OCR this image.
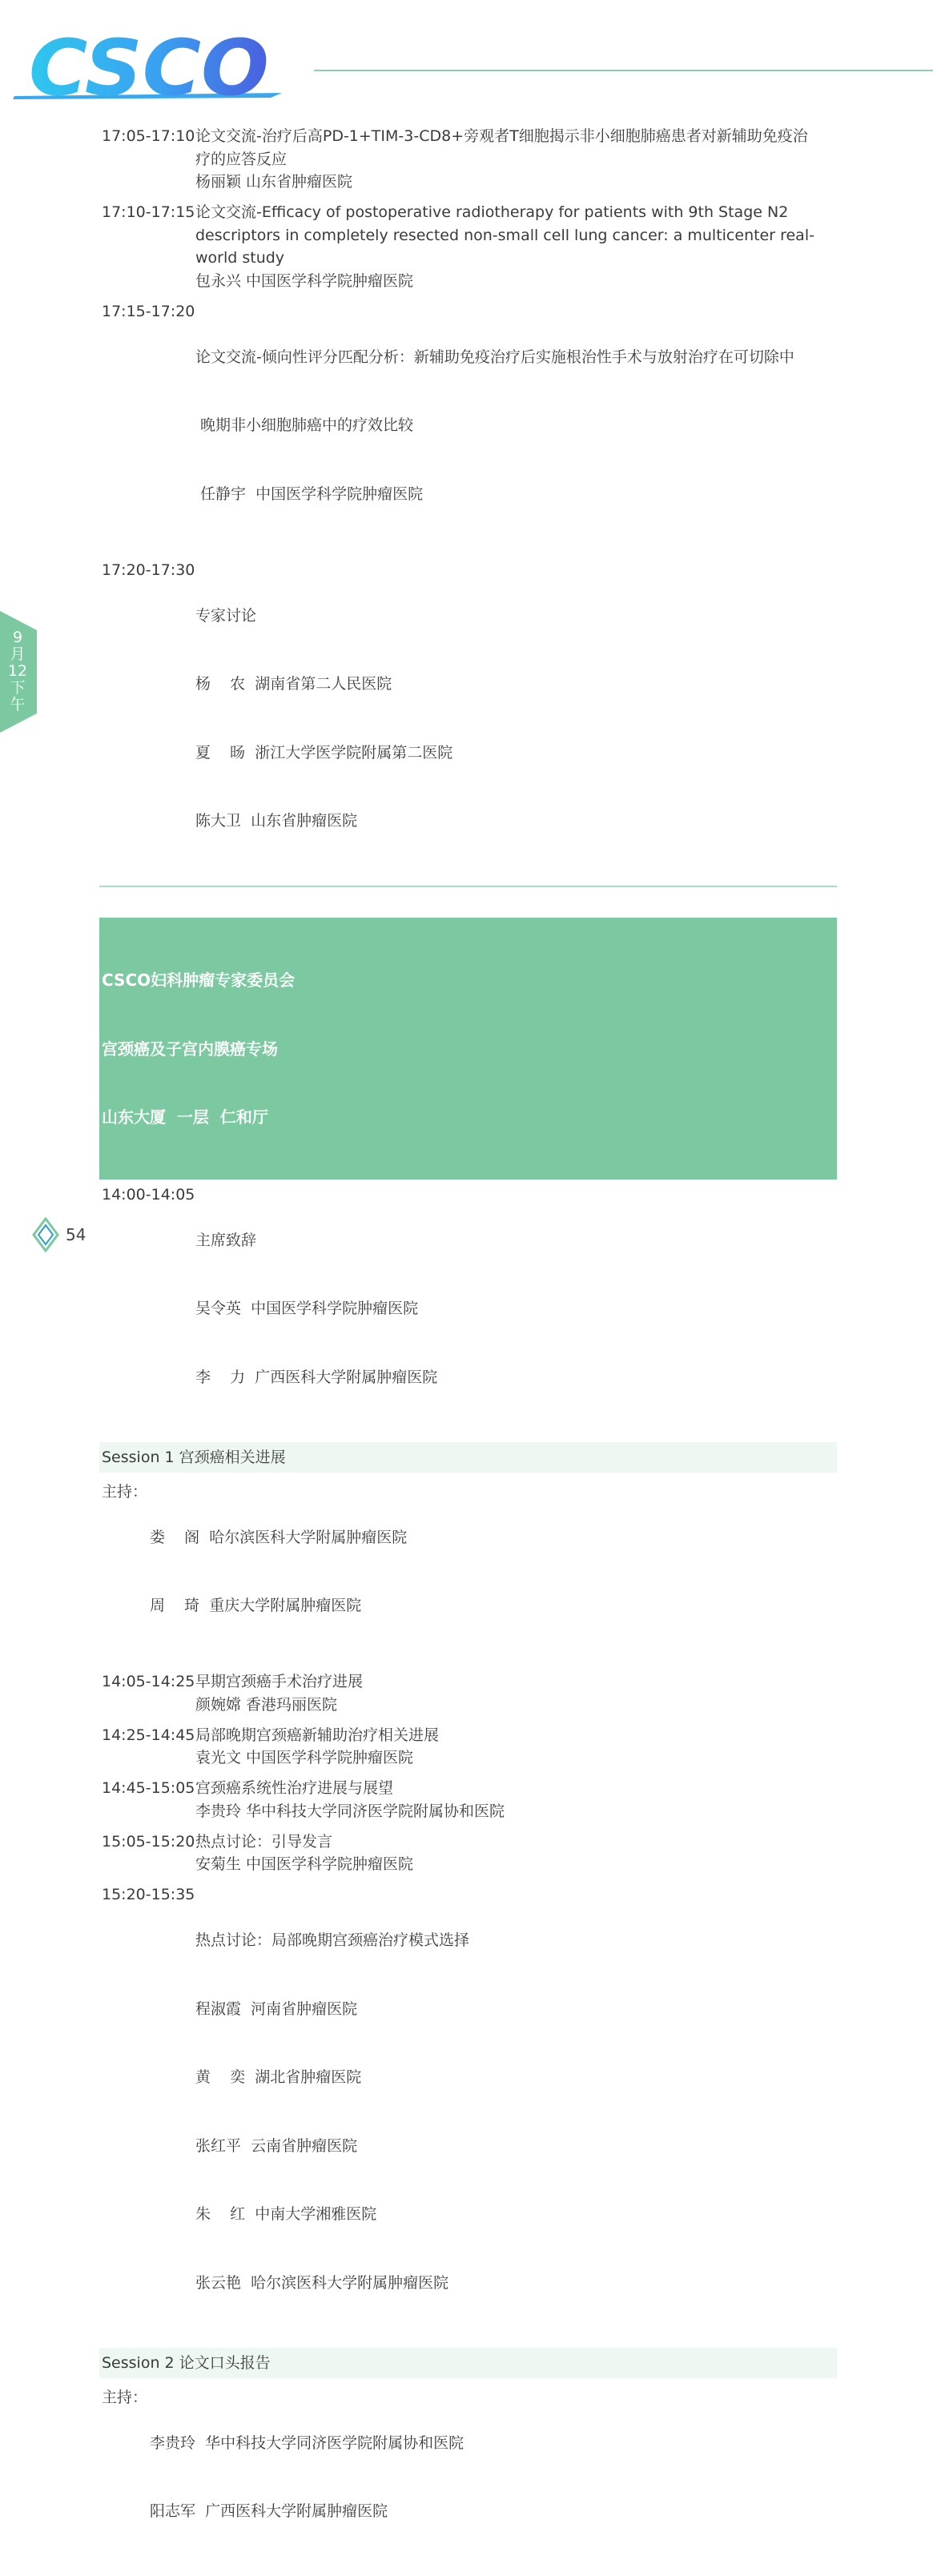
CSCO
9
月
12
下
午
17:05-17:10 论文交流-治疗后高PD-1+TIM-3-CD8+旁观者T细胞揭示非小细胞肺癌患者对新辅助免疫治
疗的应答反应
杨丽颖 山东省肿瘤医院
17:10-17:15 论文交流-Efficacy of postoperative radiotherapy for patients with 9th Stage N2
descriptors in completely resected non-small cell lung cancer: a multicenter real-
world study
包永兴 中国医学科学院肿瘤医院
17:15-17:20

论文交流-倾向性评分匹配分析：新辅助免疫治疗后实施根治性手术与放射治疗在可切除中

晚期非小细胞肺癌中的疗效比较

任静宇  中国医学科学院肿瘤医院

17:20-17:30

专家讨论

杨    农  湖南省第二人民医院

夏    旸  浙江大学医学院附属第二医院

陈大卫  山东省肿瘤医院

CSCO妇科肿瘤专家委员会

宫颈癌及子宫内膜癌专场

山东大厦  一层  仁和厅

14:00-14:05

主席致辞

吴令英  中国医学科学院肿瘤医院

李    力  广西医科大学附属肿瘤医院

Session 1 宫颈癌相关进展
主持：

娄    阁  哈尔滨医科大学附属肿瘤医院

周    琦  重庆大学附属肿瘤医院

14:05-14:25 早期宫颈癌手术治疗进展
颜婉嫦 香港玛丽医院
14:25-14:45 局部晚期宫颈癌新辅助治疗相关进展
袁光文 中国医学科学院肿瘤医院
14:45-15:05 宫颈癌系统性治疗进展与展望
李贵玲 华中科技大学同济医学院附属协和医院
15:05-15:20 热点讨论：引导发言
安菊生 中国医学科学院肿瘤医院
15:20-15:35

热点讨论：局部晚期宫颈癌治疗模式选择

程淑霞  河南省肿瘤医院

黄    奕  湖北省肿瘤医院

张红平  云南省肿瘤医院

朱    红  中南大学湘雅医院

张云艳  哈尔滨医科大学附属肿瘤医院

Session 2 论文口头报告
主持：

李贵玲  华中科技大学同济医学院附属协和医院

阳志军  广西医科大学附属肿瘤医院

54
